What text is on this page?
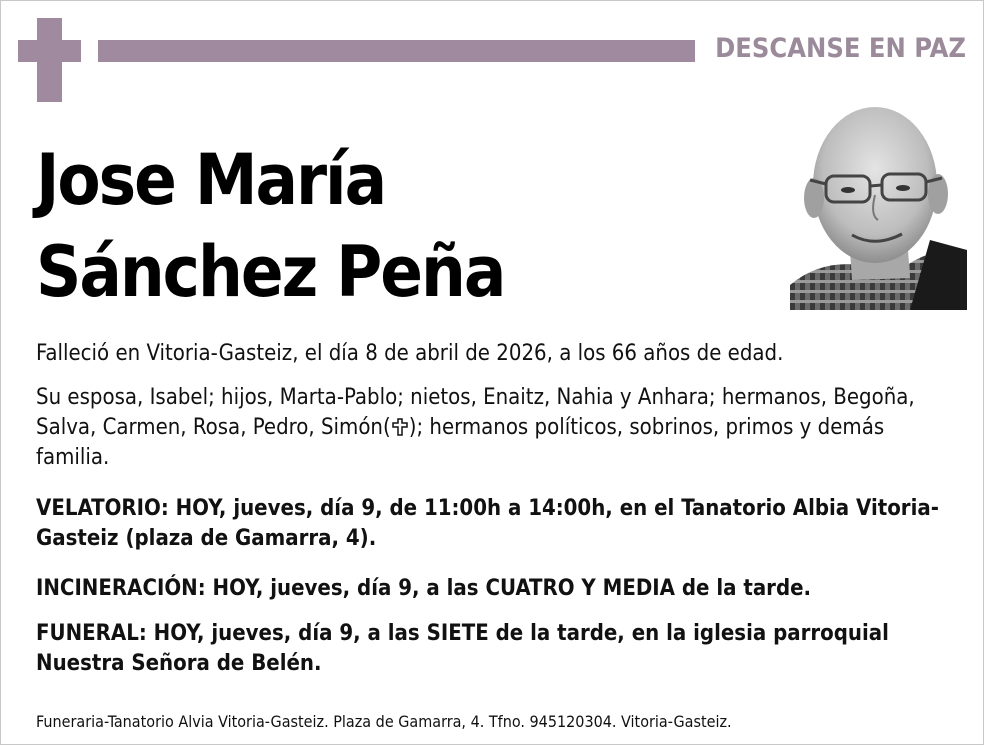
DESCANSE EN PAZ
Jose María
Sánchez Peña
Falleció en Vitoria-Gasteiz, el día 8 de abril de 2026, a los 66 años de edad.
Su esposa, Isabel; hijos, Marta-Pablo; nietos, Enaitz, Nahia y Anhara; hermanos, Begoña, Salva, Carmen, Rosa, Pedro, Simón( ); hermanos políticos, sobrinos, primos y demás familia.
VELATORIO: HOY, jueves, día 9, de 11:00h a 14:00h, en el Tanatorio Albia Vitoria-Gasteiz (plaza de Gamarra, 4).
INCINERACIÓN: HOY, jueves, día 9, a las CUATRO Y MEDIA de la tarde.
FUNERAL: HOY, jueves, día 9, a las SIETE de la tarde, en la iglesia parroquial Nuestra Señora de Belén.
Funeraria-Tanatorio Alvia Vitoria-Gasteiz. Plaza de Gamarra, 4. Tfno. 945120304. Vitoria-Gasteiz.
